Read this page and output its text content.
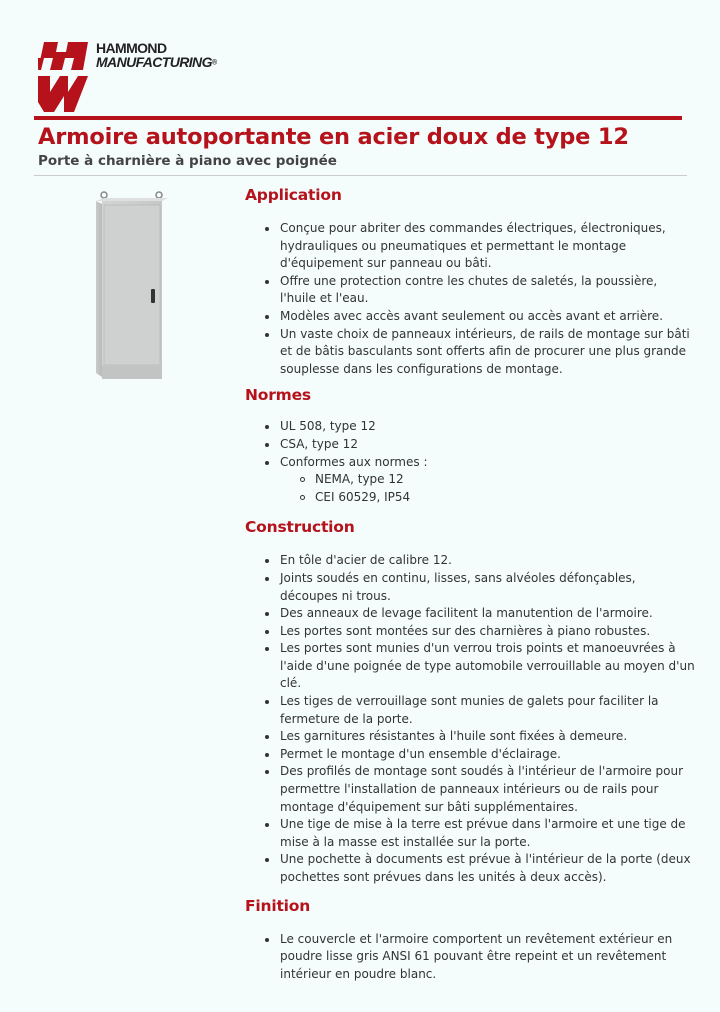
HAMMOND
MANUFACTURING®
Armoire autoportante en acier doux de type 12
Porte à charnière à piano avec poignée
Application
Conçue pour abriter des commandes électriques, électroniques, hydrauliques ou pneumatiques et permettant le montage d'équipement sur panneau ou bâti.
Offre une protection contre les chutes de saletés, la poussière, l'huile et l'eau.
Modèles avec accès avant seulement ou accès avant et arrière.
Un vaste choix de panneaux intérieurs, de rails de montage sur bâti et de bâtis basculants sont offerts afin de procurer une plus grande souplesse dans les configurations de montage.
Normes
UL 508, type 12
CSA, type 12
Conformes aux normes :
NEMA, type 12
CEI 60529, IP54
Construction
En tôle d'acier de calibre 12.
Joints soudés en continu, lisses, sans alvéoles défonçables, découpes ni trous.
Des anneaux de levage facilitent la manutention de l'armoire.
Les portes sont montées sur des charnières à piano robustes.
Les portes sont munies d'un verrou trois points et manoeuvrées à l'aide d'une poignée de type automobile verrouillable au moyen d'un clé.
Les tiges de verrouillage sont munies de galets pour faciliter la fermeture de la porte.
Les garnitures résistantes à l'huile sont fixées à demeure.
Permet le montage d'un ensemble d'éclairage.
Des profilés de montage sont soudés à l'intérieur de l'armoire pour permettre l'installation de panneaux intérieurs ou de rails pour montage d'équipement sur bâti supplémentaires.
Une tige de mise à la terre est prévue dans l'armoire et une tige de mise à la masse est installée sur la porte.
Une pochette à documents est prévue à l'intérieur de la porte (deux pochettes sont prévues dans les unités à deux accès).
Finition
Le couvercle et l'armoire comportent un revêtement extérieur en poudre lisse gris ANSI 61 pouvant être repeint et un revêtement intérieur en poudre blanc.
